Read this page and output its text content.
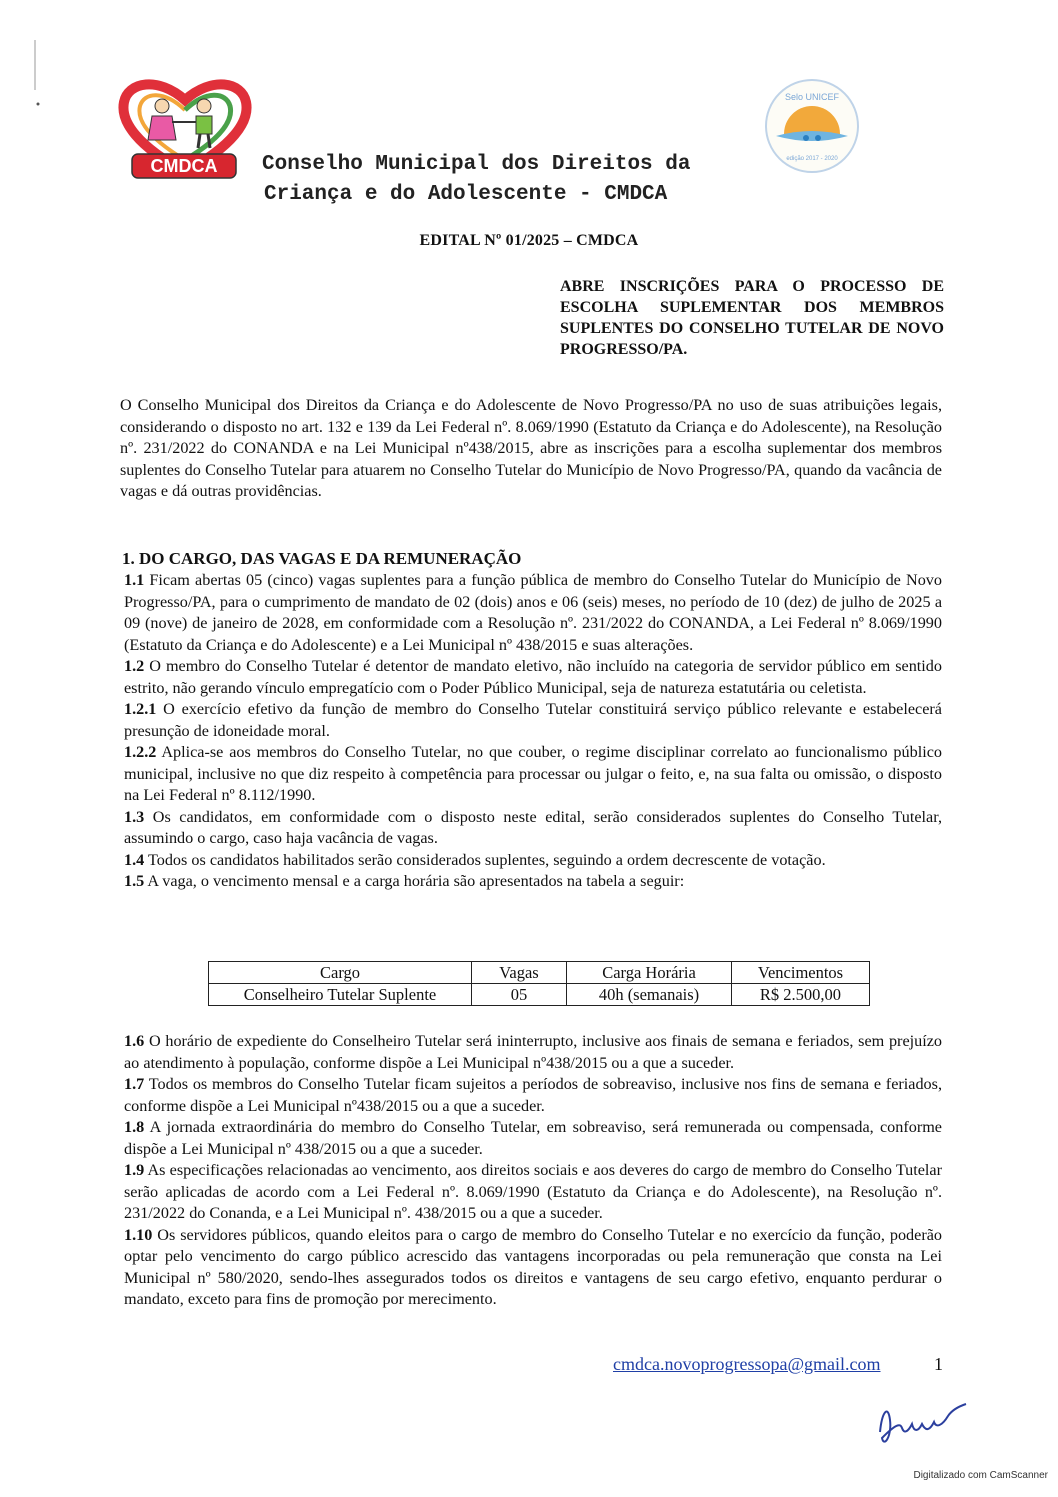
CMDCA Conselho Municipal dos Direitos da
Criança e do Adolescente - CMDCA
Selo UNICEF
edição 2017 - 2020
EDITAL Nº 01/2025 – CMDCA
ABRE INSCRIÇÕES PARA O PROCESSO DE ESCOLHA SUPLEMENTAR DOS MEMBROS SUPLENTES DO CONSELHO TUTELAR DE NOVO PROGRESSO/PA.
O Conselho Municipal dos Direitos da Criança e do Adolescente de Novo Progresso/PA no uso de suas atribuições legais, considerando o disposto no art. 132 e 139 da Lei Federal nº. 8.069/1990 (Estatuto da Criança e do Adolescente), na Resolução nº. 231/2022 do CONANDA e na Lei Municipal nº438/2015, abre as inscrições para a escolha suplementar dos membros suplentes do Conselho Tutelar para atuarem no Conselho Tutelar do Município de Novo Progresso/PA, quando da vacância de vagas e dá outras providências.
1. DO CARGO, DAS VAGAS E DA REMUNERAÇÃO

1.1 Ficam abertas 05 (cinco) vagas suplentes para a função pública de membro do Conselho Tutelar do Município de Novo Progresso/PA, para o cumprimento de mandato de 02 (dois) anos e 06 (seis) meses, no período de 10 (dez) de julho de 2025 a 09 (nove) de janeiro de 2028, em conformidade com a Resolução nº. 231/2022 do CONANDA, a Lei Federal nº 8.069/1990 (Estatuto da Criança e do Adolescente) e a Lei Municipal nº 438/2015 e suas alterações.

1.2 O membro do Conselho Tutelar é detentor de mandato eletivo, não incluído na categoria de servidor público em sentido estrito, não gerando vínculo empregatício com o Poder Público Municipal, seja de natureza estatutária ou celetista.

1.2.1 O exercício efetivo da função de membro do Conselho Tutelar constituirá serviço público relevante e estabelecerá presunção de idoneidade moral.

1.2.2 Aplica-se aos membros do Conselho Tutelar, no que couber, o regime disciplinar correlato ao funcionalismo público municipal, inclusive no que diz respeito à competência para processar ou julgar o feito, e, na sua falta ou omissão, o disposto na Lei Federal nº 8.112/1990.

1.3 Os candidatos, em conformidade com o disposto neste edital, serão considerados suplentes do Conselho Tutelar, assumindo o cargo, caso haja vacância de vagas.

1.4 Todos os candidatos habilitados serão considerados suplentes, seguindo a ordem decrescente de votação.

1.5 A vaga, o vencimento mensal e a carga horária são apresentados na tabela a seguir:

Cargo	Vagas	Carga Horária	Vencimentos
Conselheiro Tutelar Suplente	05	40h (semanais)	R$ 2.500,00

1.6 O horário de expediente do Conselheiro Tutelar será ininterrupto, inclusive aos finais de semana e feriados, sem prejuízo ao atendimento à população, conforme dispõe a Lei Municipal nº438/2015 ou a que a suceder.

1.7 Todos os membros do Conselho Tutelar ficam sujeitos a períodos de sobreaviso, inclusive nos fins de semana e feriados, conforme dispõe a Lei Municipal nº438/2015 ou a que a suceder.

1.8 A jornada extraordinária do membro do Conselho Tutelar, em sobreaviso, será remunerada ou compensada, conforme dispõe a Lei Municipal nº 438/2015 ou a que a suceder.

1.9 As especificações relacionadas ao vencimento, aos direitos sociais e aos deveres do cargo de membro do Conselho Tutelar serão aplicadas de acordo com a Lei Federal nº. 8.069/1990 (Estatuto da Criança e do Adolescente), na Resolução nº. 231/2022 do Conanda, e a Lei Municipal nº. 438/2015 ou a que a suceder.

1.10 Os servidores públicos, quando eleitos para o cargo de membro do Conselho Tutelar e no exercício da função, poderão optar pelo vencimento do cargo público acrescido das vantagens incorporadas ou pela remuneração que consta na Lei Municipal nº 580/2020, sendo-lhes assegurados todos os direitos e vantagens de seu cargo efetivo, enquanto perdurar o mandato, exceto para fins de promoção por merecimento.

cmdca.novoprogressopa@gmail.com	1
Digitalizado com CamScanner
